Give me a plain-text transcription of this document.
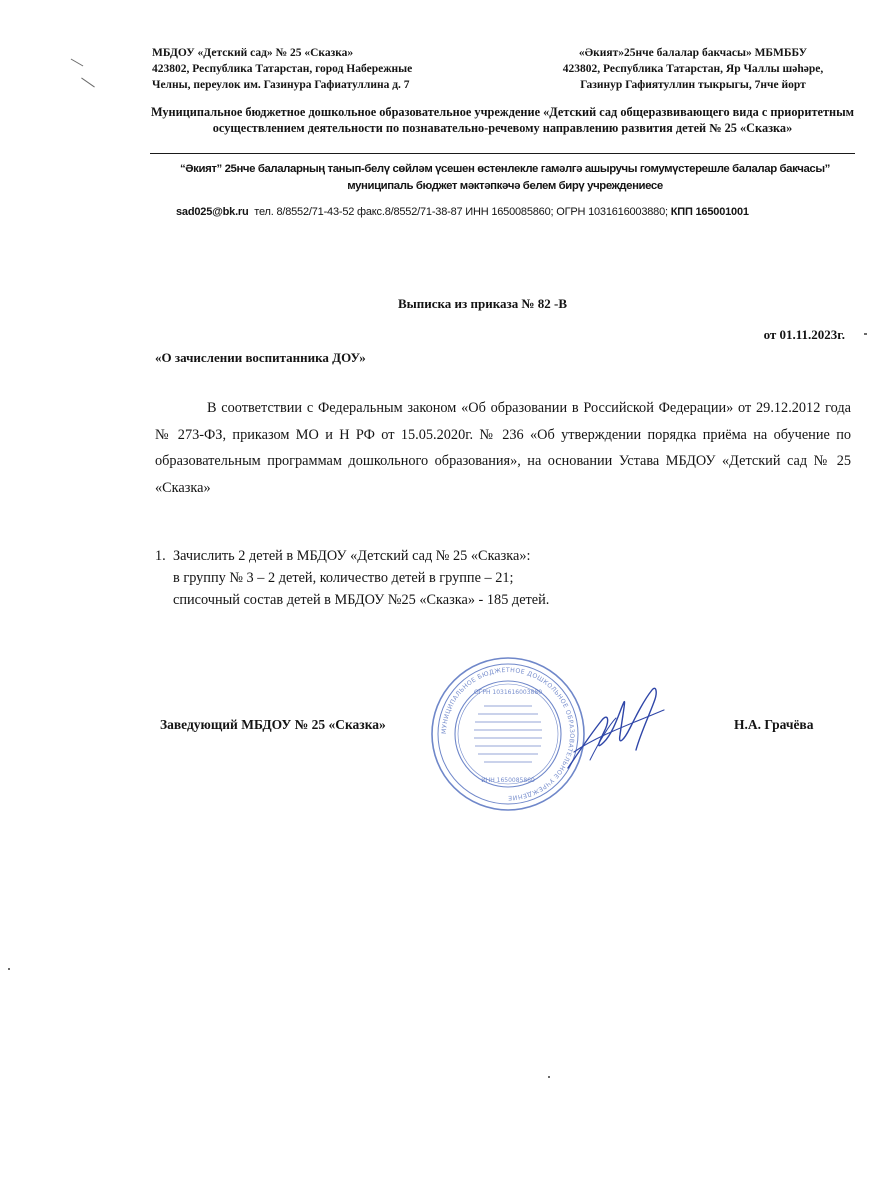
МБДОУ «Детский сад» № 25 «Сказка»
423802, Республика Татарстан, город Набережные
Челны, переулок им. Газинура Гафиатуллина д. 7
«Әкият»25нче балалар бакчасы» МБМББУ
423802, Республика Татарстан, Яр Чаллы шәһәре,
Газинур Гафиятуллин тыкрыгы, 7нче йорт
Муниципальное бюджетное дошкольное образовательное учреждение «Детский сад общеразвивающего вида с приоритетным осуществлением деятельности по познавательно-речевому направлению развития детей № 25 «Сказка»
“Әкият” 25нче балаларның танып-белү сөйләм үсешен өстенлекле гамәлгә ашыручы гомумүстерешле балалар бакчасы” муниципаль бюджет мәктәпкәчә белем бирү учреждениесе
sad025@bk.ru тел. 8/8552/71-43-52 факс.8/8552/71-38-87 ИНН 1650085860; ОГРН 1031616003880; КПП 165001001
Выписка из приказа № 82 -В
от 01.11.2023г.
«О зачислении воспитанника ДОУ»
В соответствии с Федеральным законом «Об образовании в Российской Федерации» от 29.12.2012 года № 273-ФЗ, приказом МО и Н РФ от 15.05.2020г. № 236 «Об утверждении порядка приёма на обучение по образовательным программам дошкольного образования», на основании Устава МБДОУ «Детский сад № 25 «Сказка»
1. Зачислить 2 детей в МБДОУ «Детский сад № 25 «Сказка»:
в группу № 3 – 2 детей, количество детей в группе – 21;
списочный состав детей в МБДОУ №25 «Сказка» - 185 детей.
МУНИЦИПАЛЬНОЕ БЮДЖЕТНОЕ ДОШКОЛЬНОЕ ОБРАЗОВАТЕЛЬНОЕ УЧРЕЖДЕНИЕ
ОГРН 1031616003880
ИНН 1650085860
Заведующий МБДОУ № 25 «Сказка»	Н.А. Грачёва
